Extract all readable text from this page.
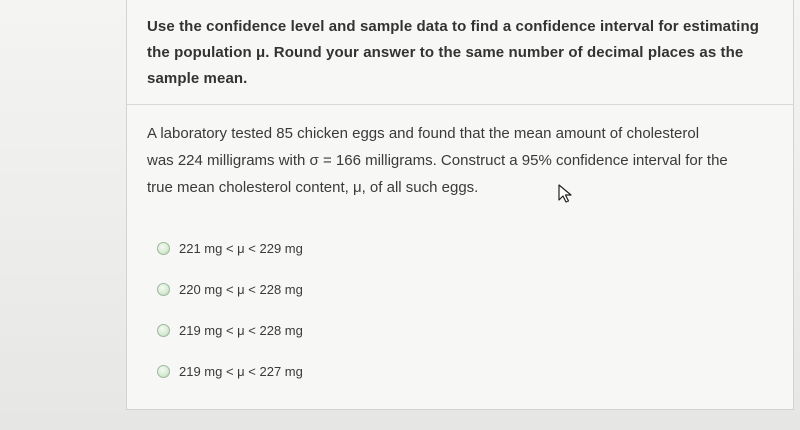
Use the confidence level and sample data to find a confidence interval for estimating
the population μ. Round your answer to the same number of decimal places as the
sample mean.
A laboratory tested 85 chicken eggs and found that the mean amount of cholesterol
was 224 milligrams with σ = 166 milligrams. Construct a 95% confidence interval for the
true mean cholesterol content, μ, of all such eggs.
221 mg < μ < 229 mg
220 mg < μ < 228 mg
219 mg < μ < 228 mg
219 mg < μ < 227 mg
